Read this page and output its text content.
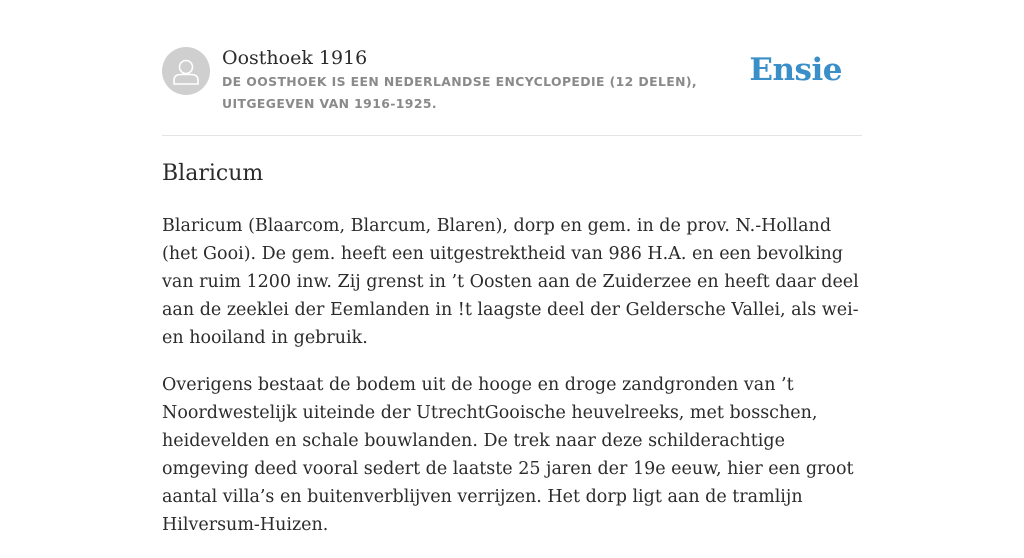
Oosthoek 1916
DE OOSTHOEK IS EEN NEDERLANDSE ENCYCLOPEDIE (12 DELEN), UITGEGEVEN VAN 1916-1925.
Ensie
Blaricum

Blaricum (Blaarcom, Blarcum, Blaren), dorp en gem. in de prov. N.-Holland (het Gooi). De gem. heeft een uitgestrektheid van 986 H.A. en een bevolking van ruim 1200 inw. Zij grenst in ’t Oosten aan de Zuiderzee en heeft daar deel aan de zeeklei der Eemlanden in !t laagste deel der Geldersche Vallei, als wei- en hooiland in gebruik.

Overigens bestaat de bodem uit de hooge en droge zandgronden van ’t Noordwestelijk uiteinde der UtrechtGooische heuvelreeks, met bosschen, heidevelden en schale bouwlanden. De trek naar deze schilderachtige omgeving deed vooral sedert de laatste 25 jaren der 19e eeuw, hier een groot aantal villa’s en buitenverblijven verrijzen. Het dorp ligt aan de tramlijn Hilversum-Huizen.
